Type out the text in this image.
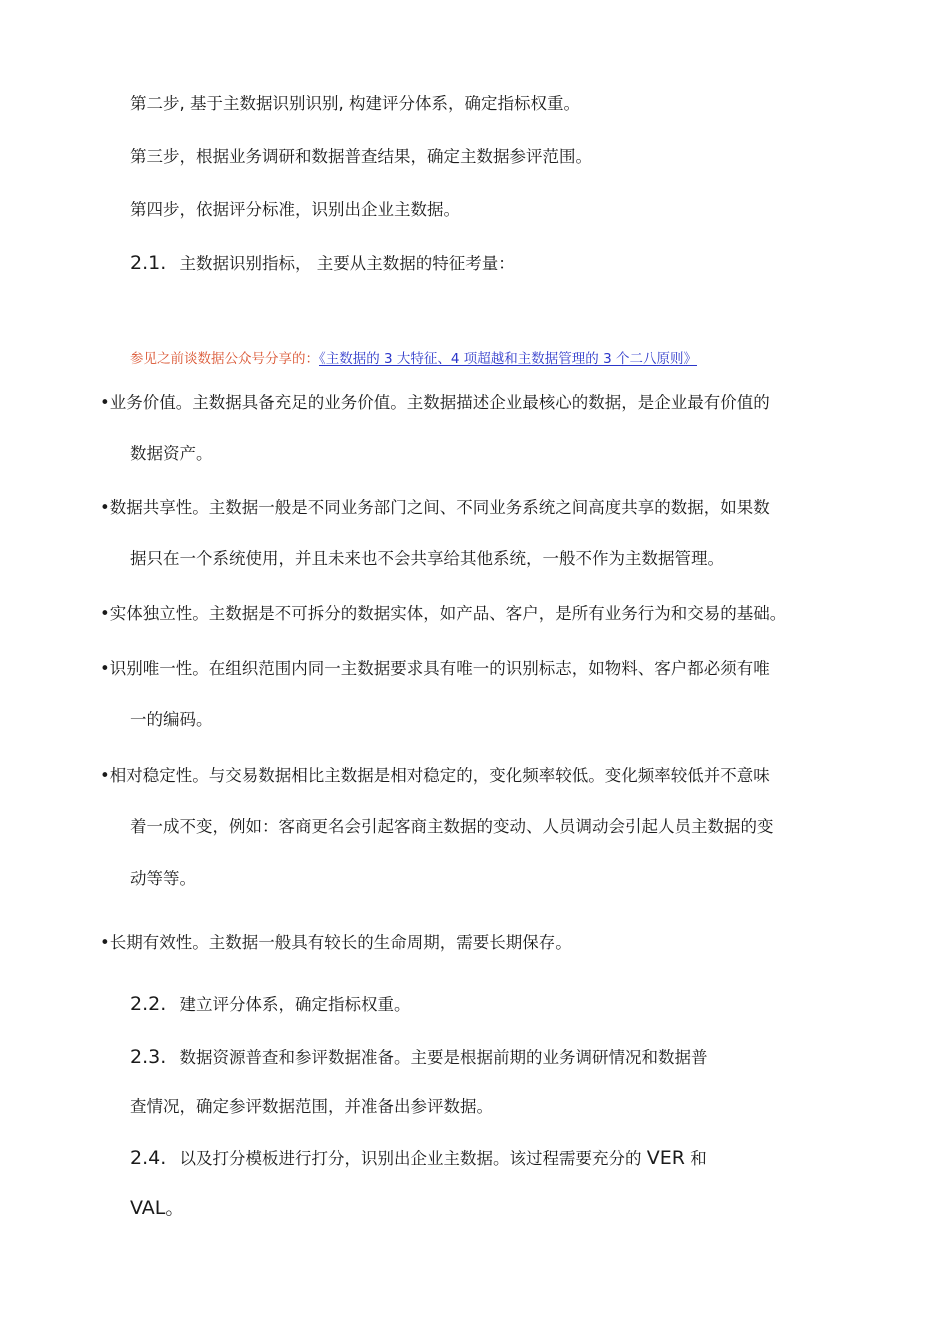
第二步, 基于主数据识别识别, 构建评分体系，确定指标权重。
第三步，根据业务调研和数据普查结果，确定主数据参评范围。
第四步，依据评分标准，识别出企业主数据。
2.1. 主数据识别指标， 主要从主数据的特征考量：
参见之前谈数据公众号分享的：《主数据的 3 大特征、4 项超越和主数据管理的 3 个二八原则》
•业务价值。主数据具备充足的业务价值。主数据描述企业最核心的数据，是企业最有价值的
数据资产。
•数据共享性。主数据一般是不同业务部门之间、不同业务系统之间高度共享的数据，如果数
据只在一个系统使用，并且未来也不会共享给其他系统，一般不作为主数据管理。
•实体独立性。主数据是不可拆分的数据实体，如产品、客户，是所有业务行为和交易的基础。
•识别唯一性。在组织范围内同一主数据要求具有唯一的识别标志，如物料、客户都必须有唯
一的编码。
•相对稳定性。与交易数据相比主数据是相对稳定的，变化频率较低。变化频率较低并不意味
着一成不变，例如：客商更名会引起客商主数据的变动、人员调动会引起人员主数据的变
动等等。
•长期有效性。主数据一般具有较长的生命周期，需要长期保存。
2.2. 建立评分体系，确定指标权重。
2.3. 数据资源普查和参评数据准备。主要是根据前期的业务调研情况和数据普
查情况，确定参评数据范围，并准备出参评数据。
2.4. 以及打分模板进行打分，识别出企业主数据。该过程需要充分的 VER 和
VAL。
